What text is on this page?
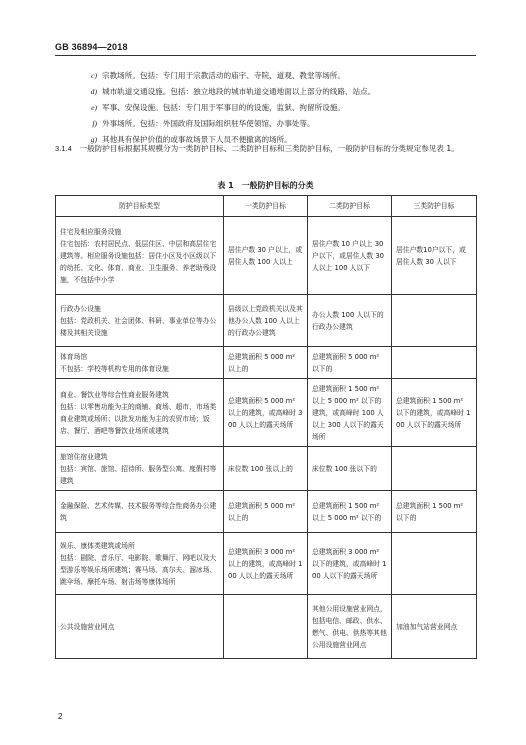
GB 36894—2018
c) 宗教场所。包括：专门用于宗教活动的庙宇、寺院、道观、教堂等场所。
d) 城市轨道交通设施。包括：独立地段的城市轨道交通地面以上部分的线路、站点。
e) 军事、安保设施。包括：专门用于军事目的的设施，监狱、拘留所设施。
f) 外事场所。包括：外国政府及国际组织驻华使领馆、办事处等。
g) 其他具有保护价值的或事故场景下人员不便撤离的场所。

3.1.4　 一般防护目标根据其规模分为一类防护目标、二类防护目标和三类防护目标，一般防护目标的分类规定参见表 1。

表 1　一般防护目标的分类
防护目标类型	一类防护目标	二类防护目标	三类防护目标

住宅及相应服务设施
住宅包括：农村居民点、低层住区、中层和高层住宅建筑等。相应服务设施包括：居住小区及小区级以下的幼托、文化、体育、商业、卫生服务、养老助残设施，不包括中小学	居住户数 30 户以上，或居住人数 100 人以上	居住户数 10 户以上 30 户以下，或居住人数 30 人以上 100 人以下	居住户数10户以下，或居住人数 30 人以下

行政办公设施
包括：党政机关、社会团体、科研、事业单位等办公楼及其相关设施	县级以上党政机关以及其他办公人数 100 人以上的行政办公建筑	办公人数 100 人以下的行政办公建筑	

体育场馆
不包括：学校等机构专用的体育设施	总建筑面积 5 000 m² 以上的	总建筑面积 5 000 m² 以下的	

商业、餐饮业等综合性商业服务建筑
包括：以零售功能为主的商铺、商场、超市、市场类商业建筑或场所；以批发功能为主的农贸市场；饭店、餐厅、酒吧等餐饮业场所或建筑	总建筑面积 5 000 m² 以上的建筑，或高峰时 300 人以上的露天场所	总建筑面积 1 500 m² 以上 5 000 m² 以下的建筑，或高峰时 100 人以上 300 人以下的露天场所	总建筑面积 1 500 m² 以下的建筑，或高峰时 100 人以下的露天场所

旅馆住宿业建筑
包括：宾馆、旅馆、招待所、服务型公寓、度假村等建筑	床位数 100 张以上的	床位数 100 张以下的	

金融保险、艺术传媒、技术服务等综合性商务办公建筑	总建筑面积 5 000 m² 以上的	总建筑面积 1 500 m² 以上 5 000 m² 以下的	总建筑面积 1 500 m² 以下的

娱乐、康体类建筑或场所
包括：剧院、音乐厅、电影院、歌舞厅、网吧以及大型游乐等娱乐场所建筑；赛马场、高尔夫、溜冰场、跳伞场、摩托车场、射击场等康体场所	总建筑面积 3 000 m² 以上的建筑，或高峰时 100 人以上的露天场所	总建筑面积 3 000 m² 以下的建筑，或高峰时 100 人以下的露天场所	

公共设施营业网点		其他公用设施营业网点，包括电信、邮政、供水、燃气、供电、供热等其他公用设施营业网点	加油加气站营业网点
2
